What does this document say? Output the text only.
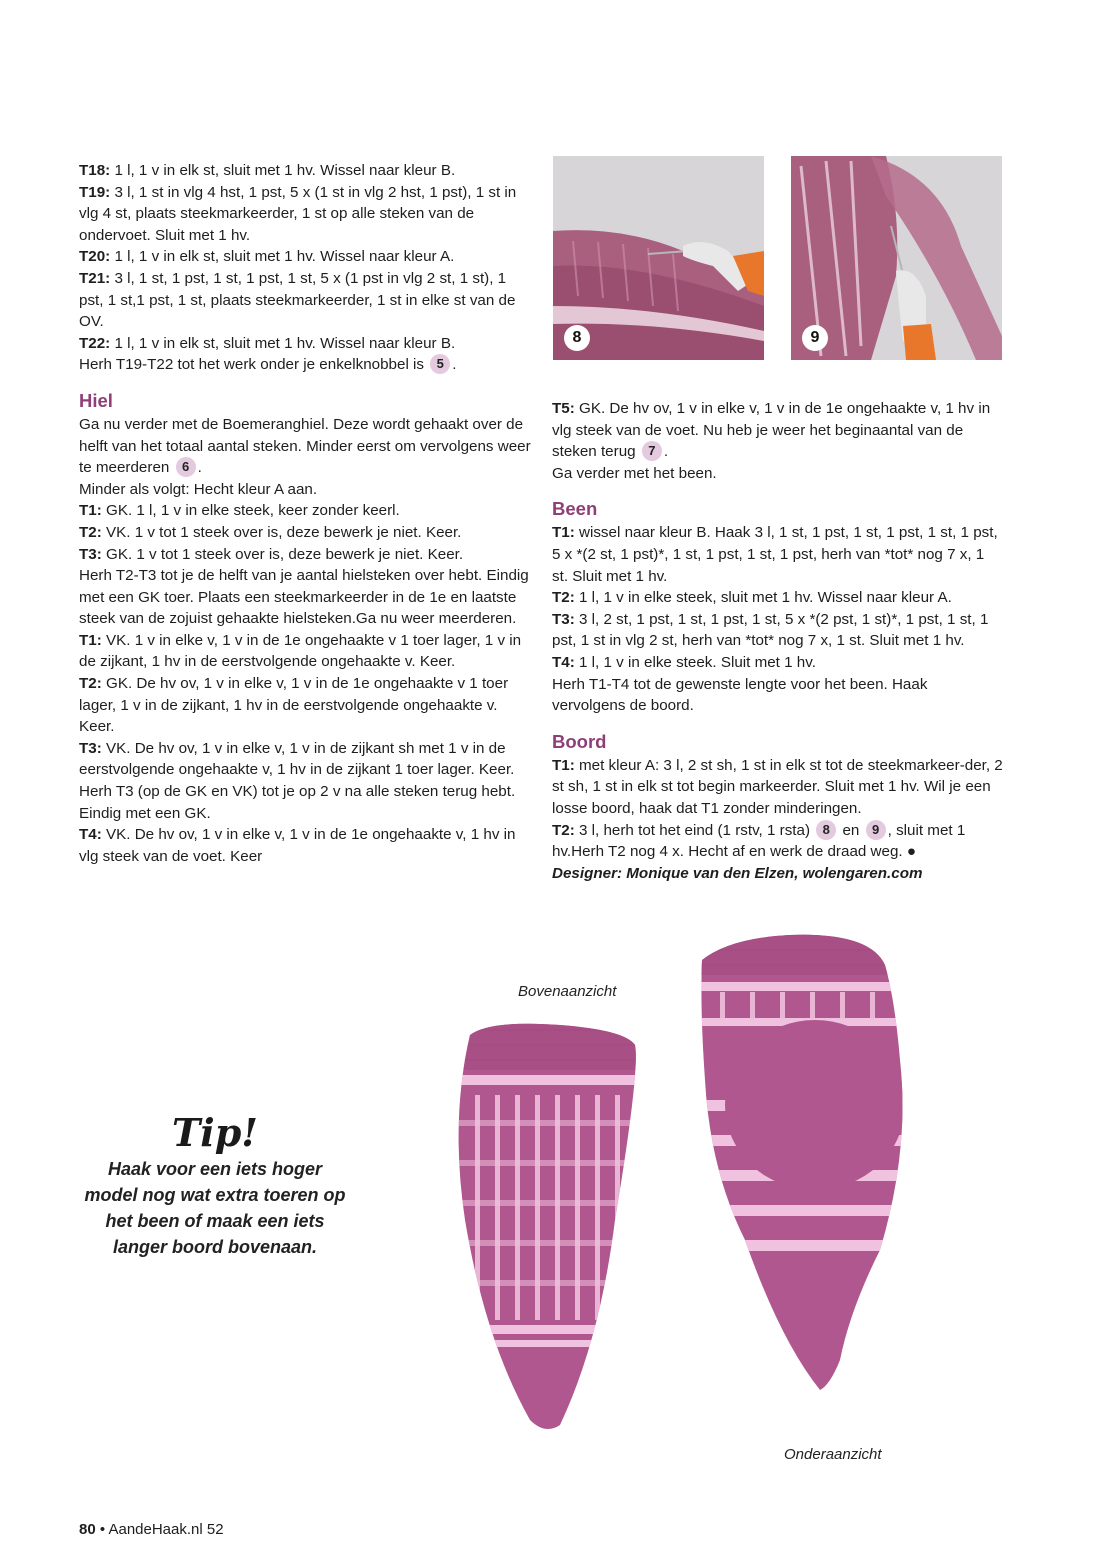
T18: 1 l, 1 v in elk st, sluit met 1 hv. Wissel naar kleur B.

T19: 3 l, 1 st in vlg 4 hst, 1 pst, 5 x (1 st in vlg 2 hst, 1 pst), 1 st in vlg 4 st, plaats steekmarkeerder, 1 st op alle steken van de ondervoet. Sluit met 1 hv.

T20: 1 l, 1 v in elk st, sluit met 1 hv. Wissel naar kleur A.

T21: 3 l, 1 st, 1 pst, 1 st, 1 pst, 1 st, 5 x (1 pst in vlg 2 st, 1 st), 1 pst, 1 st,1 pst, 1 st, plaats steekmarkeerder, 1 st in elke st van de OV.

T22: 1 l, 1 v in elk st, sluit met 1 hv. Wissel naar kleur B.

Herh T19-T22 tot het werk onder je enkelknobbel is 5 .

Hiel

Ga nu verder met de Boemeranghiel. Deze wordt gehaakt over de helft van het totaal aantal steken. Minder eerst om vervolgens weer te meerderen 6 .

Minder als volgt: Hecht kleur A aan.

T1: GK. 1 l, 1 v in elke steek, keer zonder keerl.

T2: VK. 1 v tot 1 steek over is, deze bewerk je niet. Keer.

T3: GK. 1 v tot 1 steek over is, deze bewerk je niet. Keer.

Herh T2-T3 tot je de helft van je aantal hielsteken over hebt. Eindig met een GK toer. Plaats een steekmarkeerder in de 1e en laatste steek van de zojuist gehaakte hielsteken.Ga nu weer meerderen.

T1: VK. 1 v in elke v, 1 v in de 1e ongehaakte v 1 toer lager, 1 v in de zijkant, 1 hv in de eerstvolgende ongehaakte v. Keer.

T2: GK. De hv ov, 1 v in elke v, 1 v in de 1e ongehaakte v 1 toer lager, 1 v in de zijkant, 1 hv in de eerstvolgende ongehaakte v. Keer.

T3: VK. De hv ov, 1 v in elke v, 1 v in de zijkant sh met 1 v in de eerstvolgende ongehaakte v, 1 hv in de zijkant 1 toer lager. Keer. Herh T3 (op de GK en VK) tot je op 2 v na alle steken terug hebt. Eindig met een GK.

T4: VK. De hv ov, 1 v in elke v, 1 v in de 1e ongehaakte v, 1 hv in vlg steek van de voet. Keer

8	9

T5: GK. De hv ov, 1 v in elke v, 1 v in de 1e ongehaakte v, 1 hv in vlg steek van de voet. Nu heb je weer het beginaantal van de steken terug 7 .

Ga verder met het been.

Been

T1: wissel naar kleur B. Haak 3 l, 1 st, 1 pst, 1 st, 1 pst, 1 st, 1 pst, 5 x *(2 st, 1 pst)*, 1 st, 1 pst, 1 st, 1 pst, herh van *tot* nog 7 x, 1 st. Sluit met 1 hv.

T2: 1 l, 1 v in elke steek, sluit met 1 hv. Wissel naar kleur A.

T3: 3 l, 2 st, 1 pst, 1 st, 1 pst, 1 st, 5 x *(2 pst, 1 st)*, 1 pst, 1 st, 1 pst, 1 st in vlg 2 st, herh van *tot* nog 7 x, 1 st. Sluit met 1 hv.

T4: 1 l, 1 v in elke steek. Sluit met 1 hv.

Herh T1-T4 tot de gewenste lengte voor het been. Haak vervolgens de boord.

Boord

T1: met kleur A: 3 l, 2 st sh, 1 st in elk st tot de steekmarkeer-der, 2 st sh, 1 st in elk st tot begin markeerder. Sluit met 1 hv. Wil je een losse boord, haak dat T1 zonder minderingen.

T2: 3 l, herh tot het eind (1 rstv, 1 rsta) 8 en 9 , sluit met 1 hv.Herh T2 nog 4 x. Hecht af en werk de draad weg. ●

Designer: Monique van den Elzen, wolengaren.com

Bovenaanzicht
Onderaanzicht
Tip!
Haak voor een iets hoger model nog wat extra toeren op het been of maak een iets langer boord bovenaan.
80 • AandeHaak.nl 52
